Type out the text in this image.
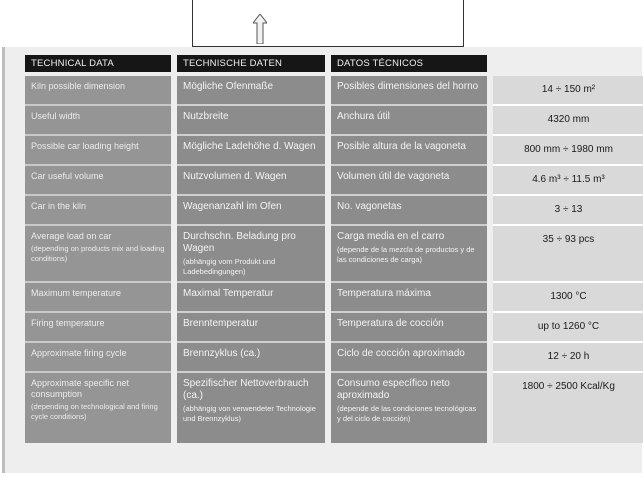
TECHNICAL DATA
Kiln possible dimension
Useful width
Possible car loading height
Car useful volume
Car in the kiln
Average load on car
(depending on products mix and loading conditions)
Maximum temperature
Firing temperature
Approximate firing cycle
Approximate specific net consumption
(depending on technological and firing cycle conditions)
TECHNISCHE DATEN
Mögliche Ofenmaße
Nutzbreite
Mögliche Ladehöhe d. Wagen
Nutzvolumen d. Wagen
Wagenanzahl im Ofen
Durchschn. Beladung pro Wagen
(abhängig vom Produkt und Ladebedingungen)
Maximal Temperatur
Brenntemperatur
Brennzyklus (ca.)
Spezifischer Nettoverbrauch (ca.)
(abhängig von verwendeter Technologie und Brennzyklus)
DATOS TÉCNICOS
Posibles dimensiones del horno
Anchura útil
Posible altura de la vagoneta
Volumen útil de vagoneta
No. vagonetas
Carga media en el carro
(depende de la mezcla de productos y de las condiciones de carga)
Temperatura máxima
Temperatura de cocción
Ciclo de cocción aproximado
Consumo específico neto aproximado
(depende de las condiciones tecnológicas y del ciclo de cocción)
14 ÷ 150 m²
4320 mm
800 mm ÷ 1980 mm
4.6 m³ ÷ 11.5 m³
3 ÷ 13
35 ÷ 93 pcs
1300 °C
up to 1260 °C
12 ÷ 20 h
1800 ÷ 2500 Kcal/Kg
